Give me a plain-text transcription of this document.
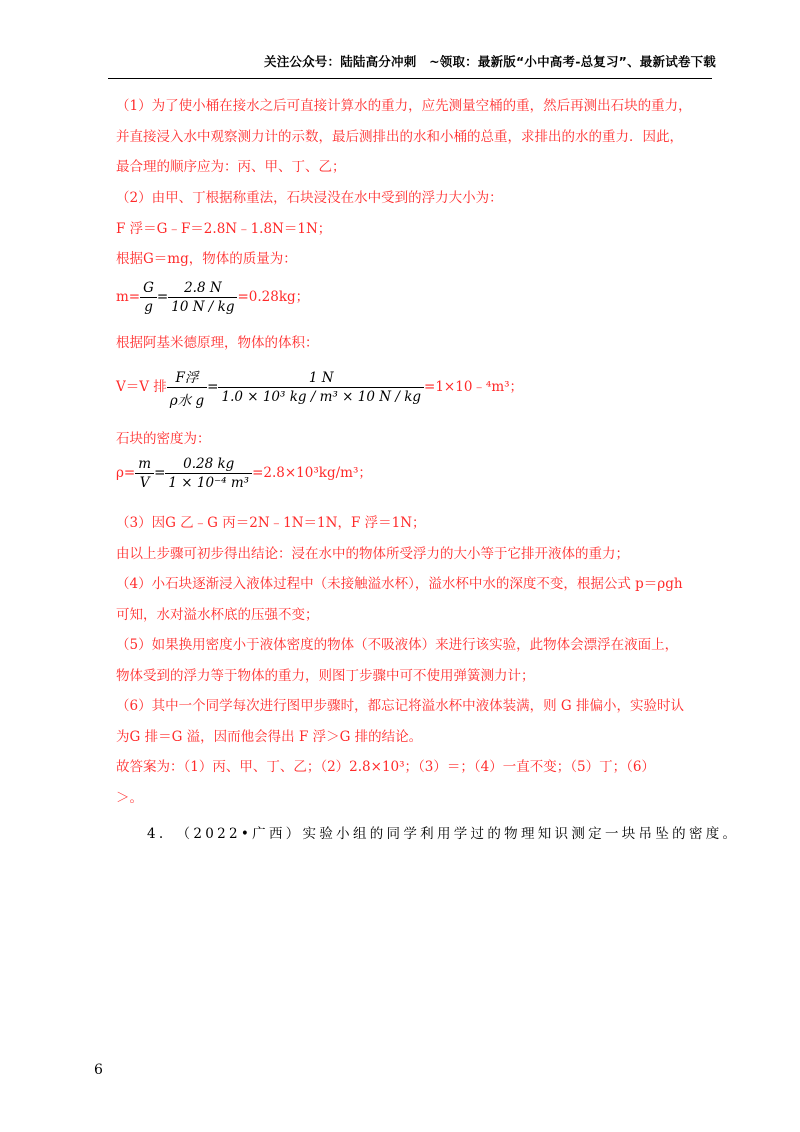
关注公众号：陆陆高分冲刺　~领取：最新版“小中高考-总复习”、最新试卷下载
（1）为了使小桶在接水之后可直接计算水的重力，应先测量空桶的重，然后再测出石块的重力，
并直接浸入水中观察测力计的示数，最后测排出的水和小桶的总重，求排出的水的重力．因此，
最合理的顺序应为：丙、甲、丁、乙；
（2）由甲、丁根据称重法，石块浸没在水中受到的浮力大小为：
F 浮＝G﹣F＝2.8N﹣1.8N＝1N；
根据G＝mg，物体的质量为：
$m= \frac{G}{g} = \frac{2.8 N}{10 N / kg} =0.28kg$；
根据阿基米德原理，物体的体积：
V＝V 排 $\frac{\text{F浮}}{\text{ρ水 g}} = \frac{1 N}{\text{1.0 × 10³ kg / m³ × 10 N / kg}}$ =1×10﹣⁴m³；
石块的密度为：
$\rho= \frac{m}{V} = \frac{0.28 kg}{\text{1 × 10⁻⁴ m³}} =2.8\times 10^3kg/m^3$；
（3）因G 乙﹣G 丙＝2N﹣1N＝1N，F 浮＝1N；
由以上步骤可初步得出结论：浸在水中的物体所受浮力的大小等于它排开液体的重力；
（4）小石块逐渐浸入液体过程中（未接触溢水杯），溢水杯中水的深度不变，根据公式 p＝ρgh
可知，水对溢水杯底的压强不变；
（5）如果换用密度小于液体密度的物体（不吸液体）来进行该实验，此物体会漂浮在液面上，
物体受到的浮力等于物体的重力，则图丁步骤中可不使用弹簧测力计；
（6）其中一个同学每次进行图甲步骤时，都忘记将溢水杯中液体装满，则 G 排偏小，实验时认
为G 排＝G 溢，因而他会得出 F 浮＞G 排的结论。
故答案为：（1）丙、甲、丁、乙；（2）2.8×10³；（3）＝；（4）一直不变；（5）丁；（6）
＞。
4.　（2022•广西）实验小组的同学利用学过的物理知识测定一块吊坠的密度。
6
